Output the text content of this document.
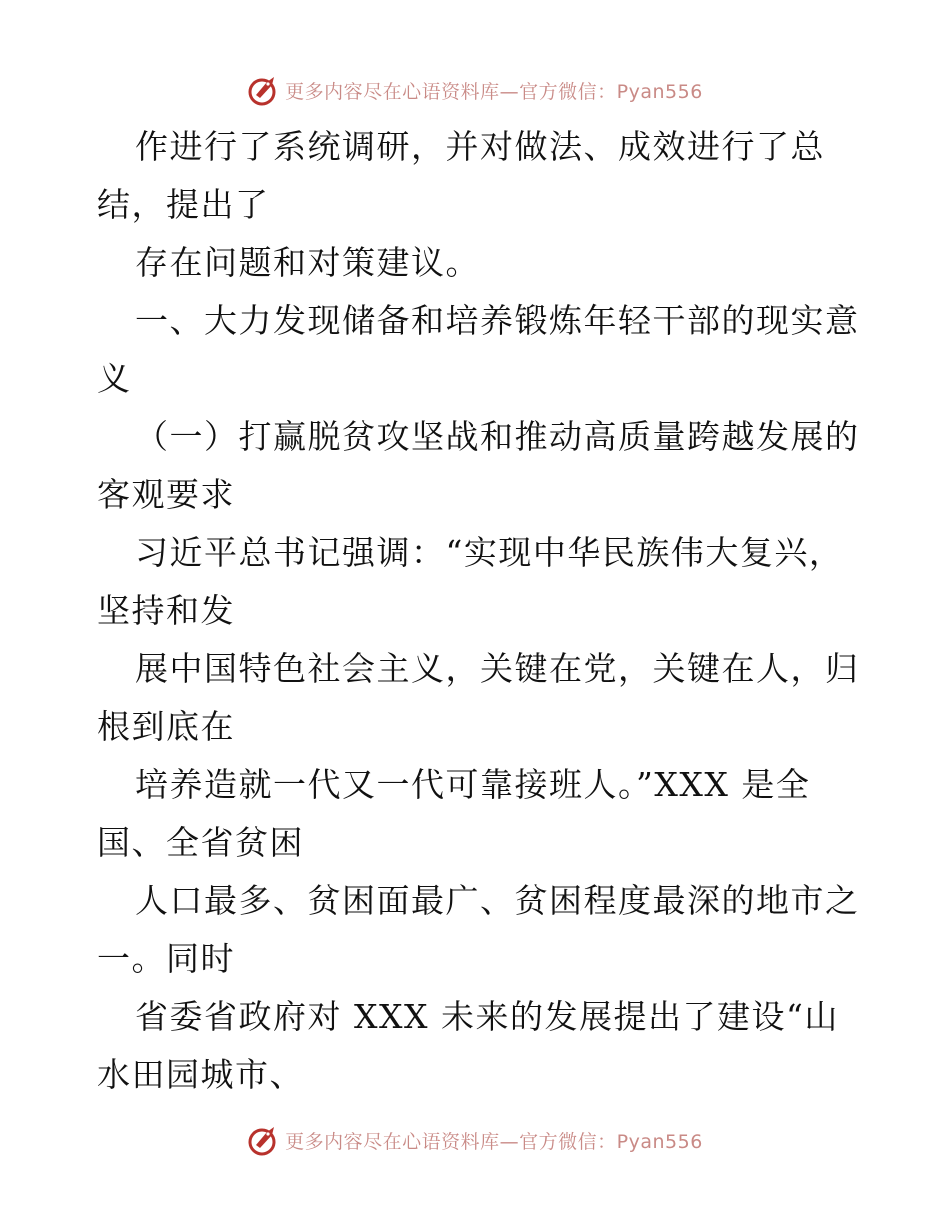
更多内容尽在心语资料库—官方微信：Pyan556
作进行了系统调研，并对做法、成效进行了总
结，提出了
存在问题和对策建议。
一、大力发现储备和培养锻炼年轻干部的现实意
义
（一）打赢脱贫攻坚战和推动高质量跨越发展的
客观要求
习近平总书记强调：“实现中华民族伟大复兴，
坚持和发
展中国特色社会主义，关键在党，关键在人，归
根到底在
培养造就一代又一代可靠接班人。”XXX 是全
国、全省贫困
人口最多、贫困面最广、贫困程度最深的地市之
一。同时
省委省政府对 XXX 未来的发展提出了建设“山
水田园城市、
更多内容尽在心语资料库—官方微信：Pyan556
